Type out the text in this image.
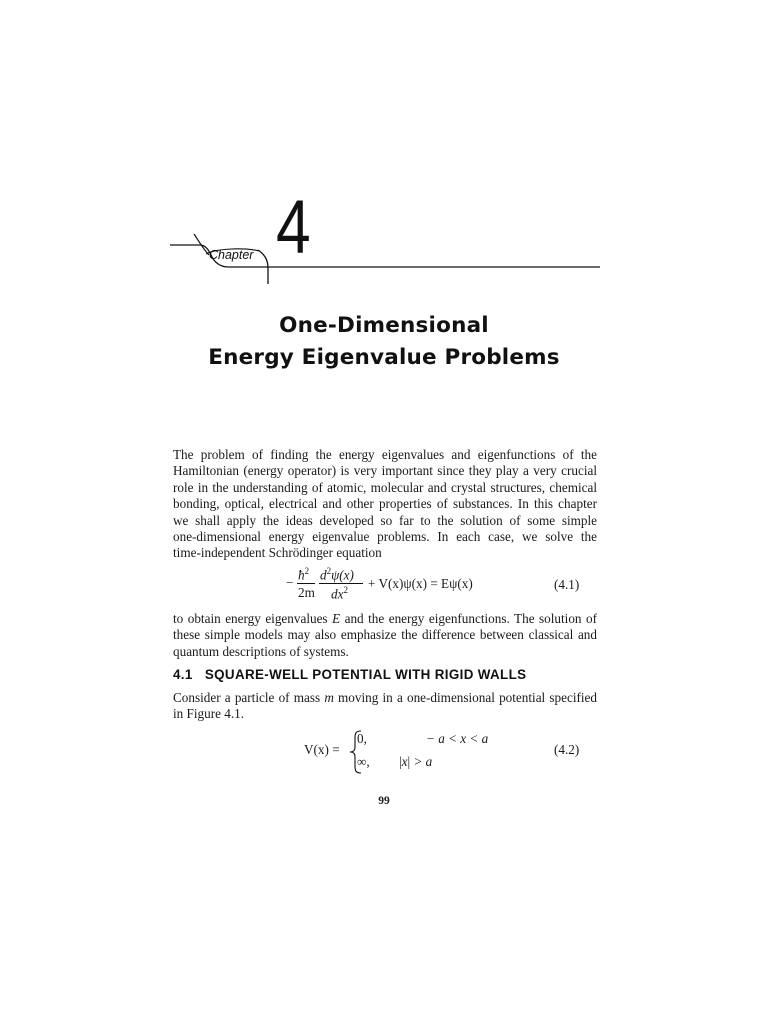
Chapter 4
One-Dimensional
Energy Eigenvalue Problems
The problem of finding the energy eigenvalues and eigenfunctions of the
Hamiltonian (energy operator) is very important since they play a very crucial
role in the understanding of atomic, molecular and crystal structures, chemical
bonding, optical, electrical and other properties of substances. In this chapter
we shall apply the ideas developed so far to the solution of some simple
one-dimensional energy eigenvalue problems. In each case, we solve the
time-independent Schrödinger equation
−
$ħ^2$
2m
$d^2\psi(x)$
$dx^2 + V(x)\psi(x) = E\psi(x)$	(4.1)
to obtain energy eigenvalues E and the energy eigenfunctions. The solution of
these simple models may also emphasize the difference between classical and
quantum descriptions of systems.
4.1   SQUARE-WELL POTENTIAL WITH RIGID WALLS
Consider a particle of mass m moving in a one-dimensional potential specified
in Figure 4.1.
V(x) =
0,	− a < x < a
∞, |x| > a
(4.2)
99
